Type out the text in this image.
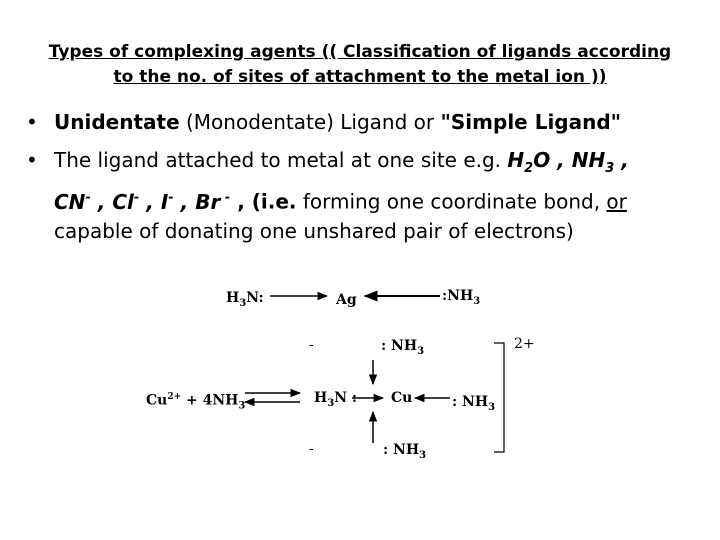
Types of complexing agents (( Classification of ligands according
to the no. of sites of attachment to the metal ion ))
• Unidentate (Monodentate) Ligand or "Simple Ligand"
• The ligand attached to metal at one site e.g. $H_2O$ , $NH_3$ ,
CN- , Cl- , I- , Br - , (i.e. forming one coordinate bond, or
capable of donating one unshared pair of electrons)
$H_3N$:	Ag	$:NH_3$
-	: $NH_3$	2+
$Cu^{2+} + 4NH_3$	$H_3N$ : Cu	: $NH_3$
-	: $NH_3$
